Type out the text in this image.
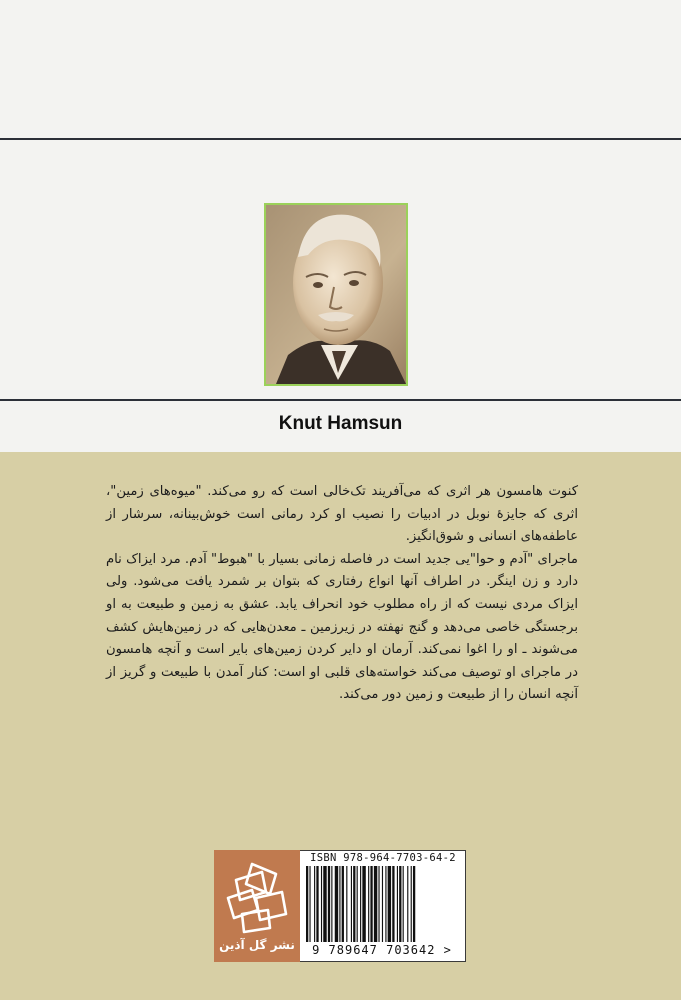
Knut Hamsun

کنوت هامسون هر اثری که می‌آفریند تک‌خالی است که رو می‌کند. "میوه‌های زمین"، اثری که جایزهٔ نوبل در ادبیات را نصیب او کرد رمانی است خوش‌بینانه، سرشار از عاطفه‌های انسانی و شوق‌انگیز.

ماجرای "آدم و حوا"یی جدید است در فاصله زمانی بسیار با "هبوط" آدم. مرد ایزاک نام دارد و زن اینگر. در اطراف آنها انواع رفتاری که بتوان بر شمرد یافت می‌شود. ولی ایزاک مردی نیست که از راه مطلوب خود انحراف یابد. عشق به زمین و طبیعت به او برجستگی خاصی می‌دهد و گنج نهفته در زیرزمین ـ معدن‌هایی که در زمین‌هایش کشف می‌شوند ـ او را اغوا نمی‌کند. آرمان او دایر کردن زمین‌های بایر است و آنچه هامسون در ماجرای او توصیف می‌کند خواسته‌های قلبی او است: کنار آمدن با طبیعت و گریز از آنچه انسان را از طبیعت و زمین دور می‌کند.

نشر گل آذین
ISBN 978-964-7703-64-2
9 789647 703642 >
